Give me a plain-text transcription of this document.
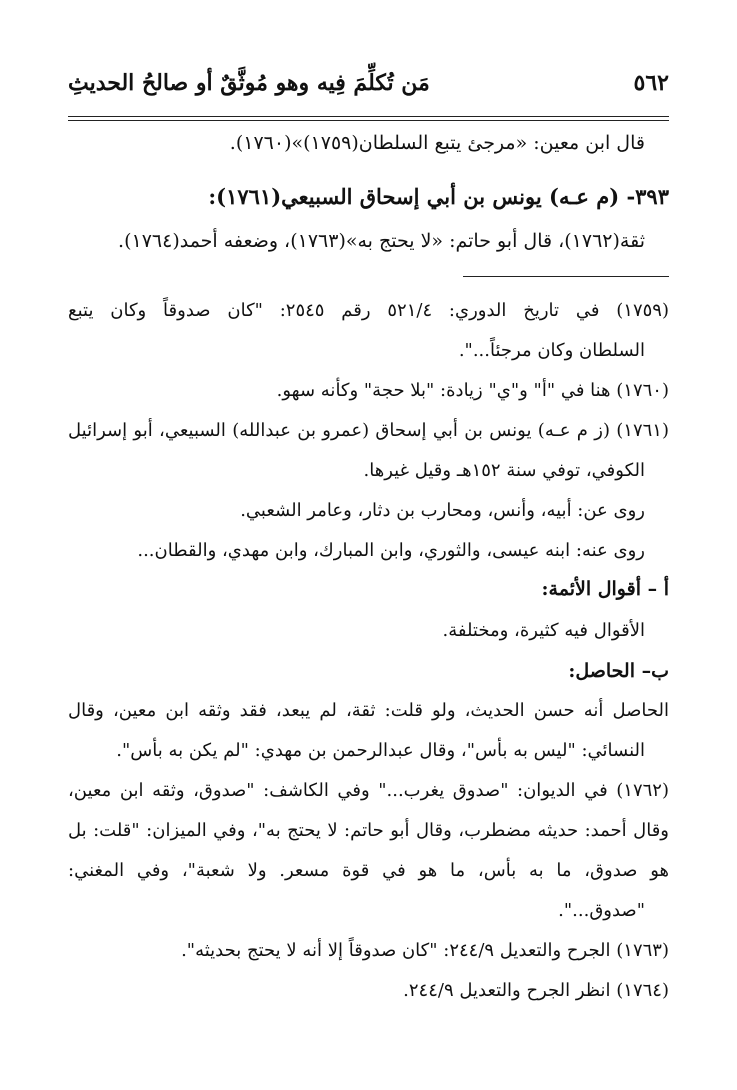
٥٦٢
مَن تُكلِّمَ فِيه وهو مُوثَّقٌ أو صالحُ الحديثِ
قال ابن معين: «مرجئ يتبع السلطان(١٧٥٩)»(١٧٦٠).
٣٩٣- (م عـه) يونس بن أبي إسحاق السبيعي(١٧٦١):
ثقة(١٧٦٢)، قال أبو حاتم: «لا يحتج به»(١٧٦٣)، وضعفه أحمد(١٧٦٤).
(١٧٥٩) في تاريخ الدوري: ٥٢١/٤ رقم ٢٥٤٥: "كان صدوقاً وكان يتبع
السلطان وكان مرجئاً...".
(١٧٦٠) هنا في "أ" و"ي" زيادة: "بلا حجة" وكأنه سهو.
(١٧٦١) (ز م عـه) يونس بن أبي إسحاق (عمرو بن عبدالله) السبيعي، أبو إسرائيل
الكوفي، توفي سنة ١٥٢هـ وقيل غيرها.
روى عن: أبيه، وأنس، ومحارب بن دثار، وعامر الشعبي.
روى عنه: ابنه عيسى، والثوري، وابن المبارك، وابن مهدي، والقطان...
أ – أقوال الأئمة:
الأقوال فيه كثيرة، ومختلفة.
ب– الحاصل:
الحاصل أنه حسن الحديث، ولو قلت: ثقة، لم يبعد، فقد وثقه ابن معين، وقال
النسائي: "ليس به بأس"، وقال عبدالرحمن بن مهدي: "لم يكن به بأس".
(١٧٦٢) في الديوان: "صدوق يغرب..." وفي الكاشف: "صدوق، وثقه ابن معين،
وقال أحمد: حديثه مضطرب، وقال أبو حاتم: لا يحتج به"، وفي الميزان: "قلت: بل
هو صدوق، ما به بأس، ما هو في قوة مسعر. ولا شعبة"، وفي المغني:
"صدوق...".
(١٧٦٣) الجرح والتعديل ٢٤٤/٩: "كان صدوقاً إلا أنه لا يحتج بحديثه".
(١٧٦٤) انظر الجرح والتعديل ٢٤٤/٩.
